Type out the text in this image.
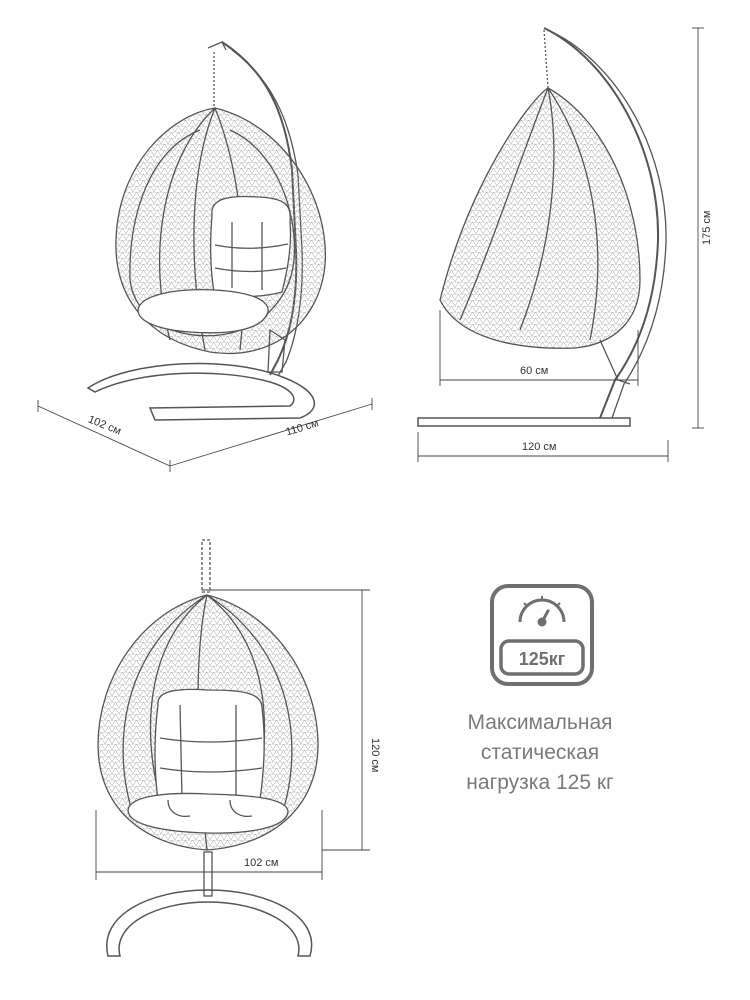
102 см	110 см
175 см
60 см
120 см
120 см
102 см
125кг
Максимальная
статическая
нагрузка 125 кг
